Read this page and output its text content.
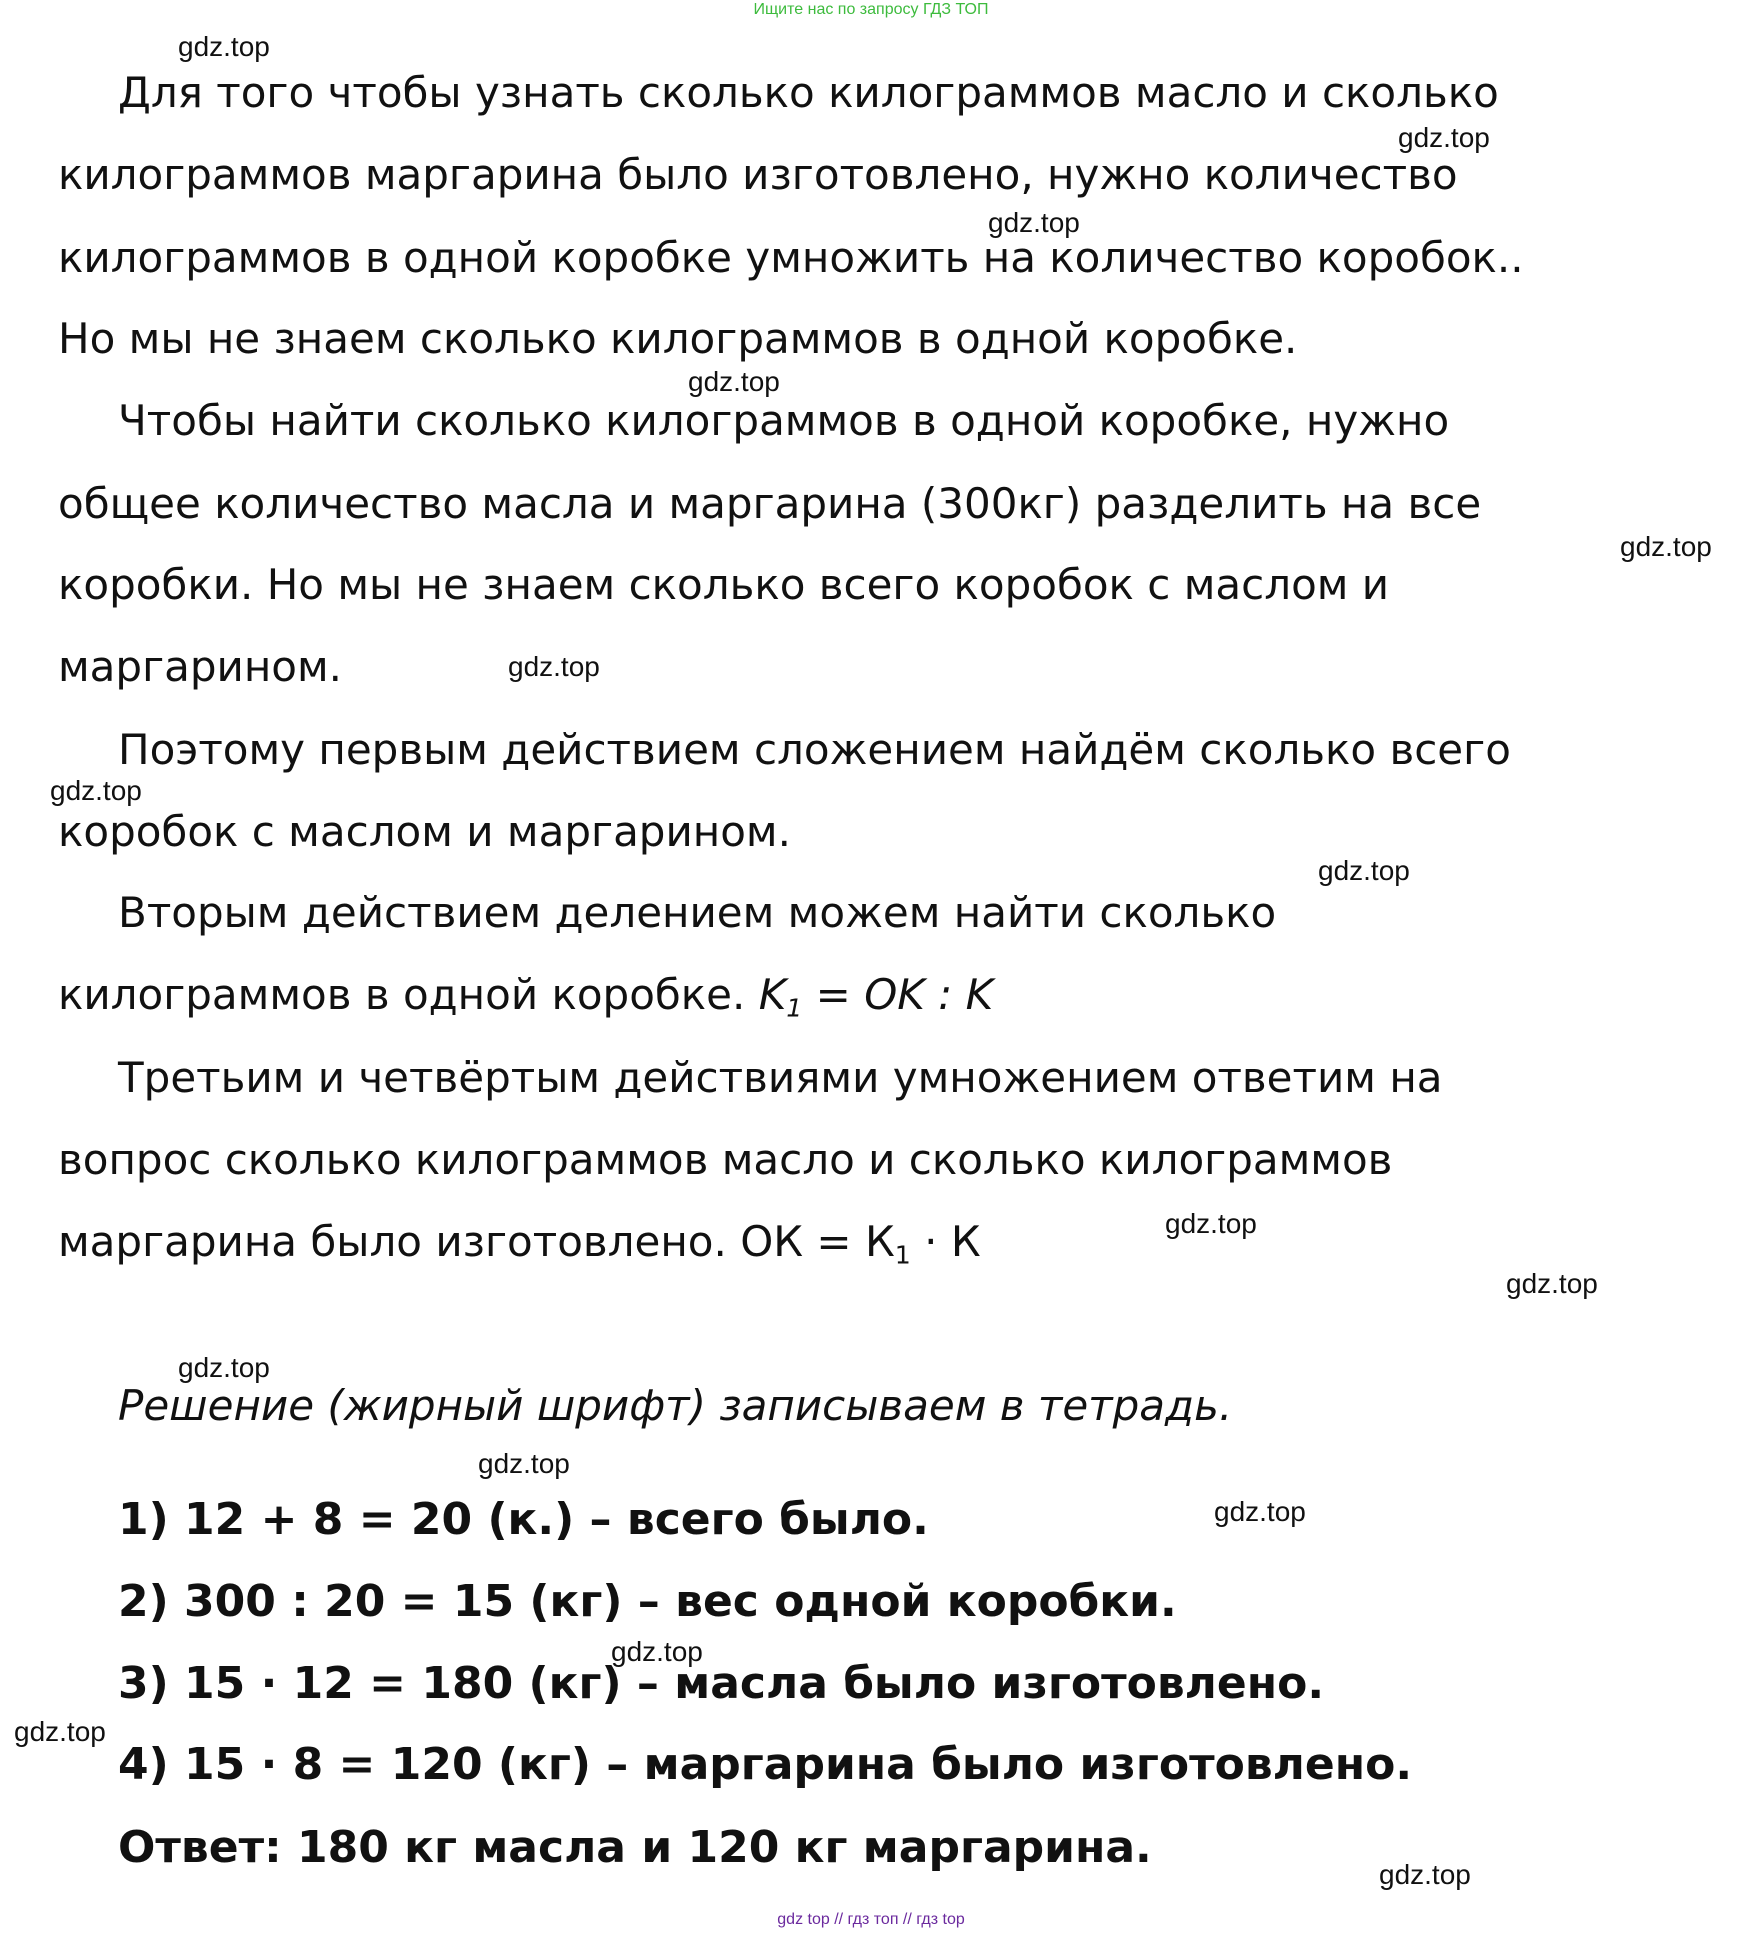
Ищите нас по запросу ГДЗ ТОП
Для того чтобы узнать сколько килограммов масло и сколько
килограммов маргарина было изготовлено, нужно количество
килограммов в одной коробке умножить на количество коробок..
Но мы не знаем сколько килограммов в одной коробке.
Чтобы найти сколько килограммов в одной коробке, нужно
общее количество масла и маргарина (300кг) разделить на все
коробки. Но мы не знаем сколько всего коробок с маслом и
маргарином.
Поэтому первым действием сложением найдём сколько всего
коробок с маслом и маргарином.
Вторым действием делением можем найти сколько
килограммов в одной коробке. $K_1$ = OK : K
Третьим и четвёртым действиями умножением ответим на
вопрос сколько килограммов масло и сколько килограммов
маргарина было изготовлено. ОК = $К_1 \cdot К$
Решение (жирный шрифт) записываем в тетрадь.
1) 12 + 8 = 20 (к.) – всего было.
2) 300 : 20 = 15 (кг) – вес одной коробки.
3) 15 · 12 = 180 (кг) – масла было изготовлено.
4) 15 · 8 = 120 (кг) – маргарина было изготовлено.
Ответ: 180 кг масла и 120 кг маргарина.
gdz.top
gdz.top
gdz.top
gdz.top
gdz.top
gdz.top
gdz.top
gdz.top
gdz.top
gdz.top
gdz.top
gdz.top
gdz.top
gdz.top
gdz.top
gdz.top
gdz top // гдз топ // гдз top
